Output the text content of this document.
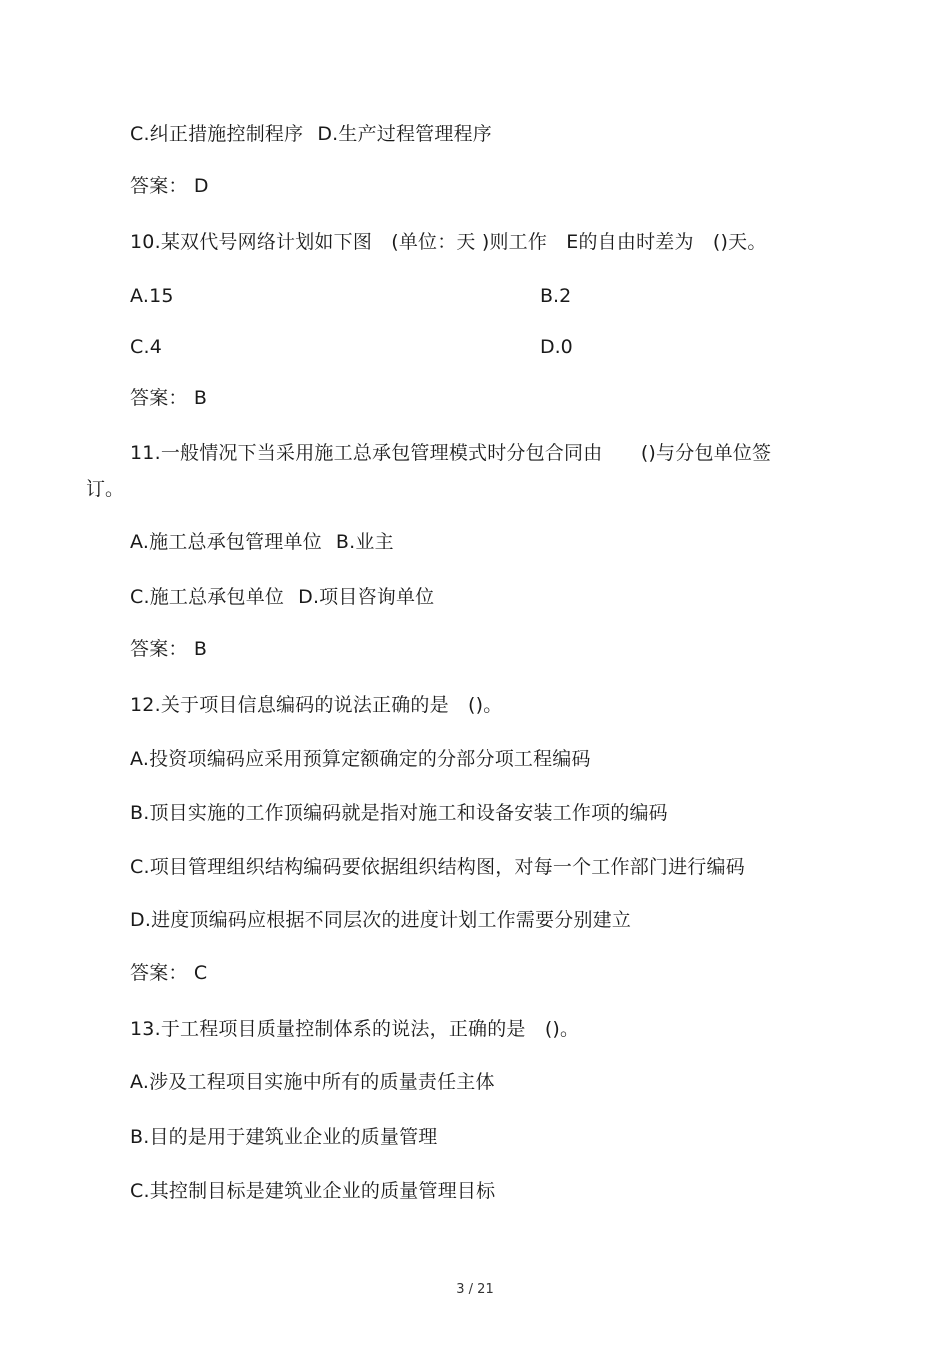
C.纠正措施控制程序 D.生产过程管理程序
答案： D
10.某双代号网络计划如下图　(单位：天 )则工作　E的自由时差为　()天。
A.15	B.2
C.4	D.0
答案： B
11.一般情况下当采用施工总承包管理模式时分包合同由　　()与分包单位签
订。
A.施工总承包管理单位 B.业主
C.施工总承包单位 D.项目咨询单位
答案： B
12.关于项目信息编码的说法正确的是　()。
A.投资项编码应采用预算定额确定的分部分项工程编码
B.顶目实施的工作顶编码就是指对施工和设备安装工作项的编码
C.项目管理组织结构编码要依据组织结构图，对每一个工作部门进行编码
D.进度顶编码应根据不同层次的进度计划工作需要分别建立
答案： C
13.于工程项目质量控制体系的说法，正确的是　()。
A.涉及工程项目实施中所有的质量责任主体
B.目的是用于建筑业企业的质量管理
C.其控制目标是建筑业企业的质量管理目标
3 / 21
